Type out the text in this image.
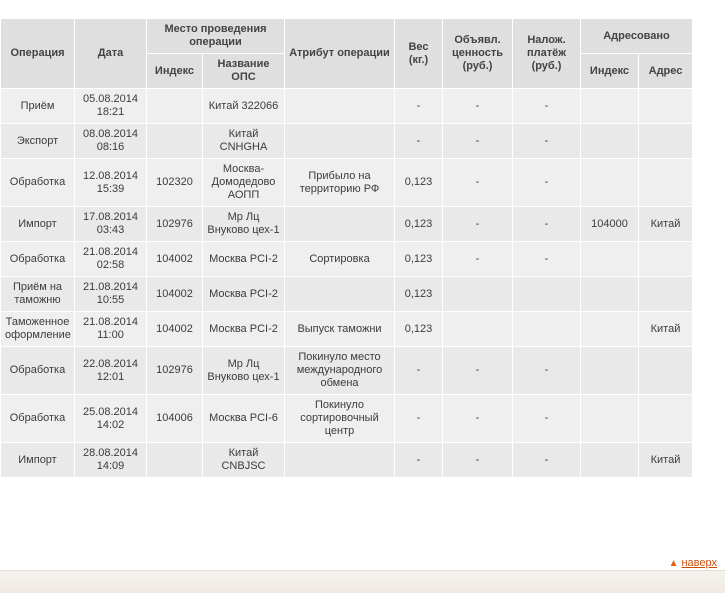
Операция	Дата	Место проведения операции		Атрибут операции	Вес (кг.)	Объявл. ценность (руб.)	Налож. платёж (руб.)	Адресовано	
		Индекс	Название ОПС					Индекс	Адрес
Приём	05.08.2014 18:21		Китай 322066		-	-	-		
Экспорт	08.08.2014 08:16		Китай CNHGHA		-	-	-		
Обработка	12.08.2014 15:39	102320	Москва-Домодедово АОПП	Прибыло на территорию РФ	0,123	-	-		
Импорт	17.08.2014 03:43	102976	Мр Лц Внуково цех-1		0,123	-	-	104000	Китай
Обработка	21.08.2014 02:58	104002	Москва PCI-2	Сортировка	0,123	-	-		
Приём на таможню	21.08.2014 10:55	104002	Москва PCI-2		0,123				
Таможенное оформление	21.08.2014 11:00	104002	Москва PCI-2	Выпуск таможни	0,123				Китай
Обработка	22.08.2014 12:01	102976	Мр Лц Внуково цех-1	Покинуло место международного обмена	-	-	-		
Обработка	25.08.2014 14:02	104006	Москва PCI-6	Покинуло сортировочный центр	-	-	-		
Импорт	28.08.2014 14:09		Китай CNBJSC		-	-	-		Китай
▲ наверх
